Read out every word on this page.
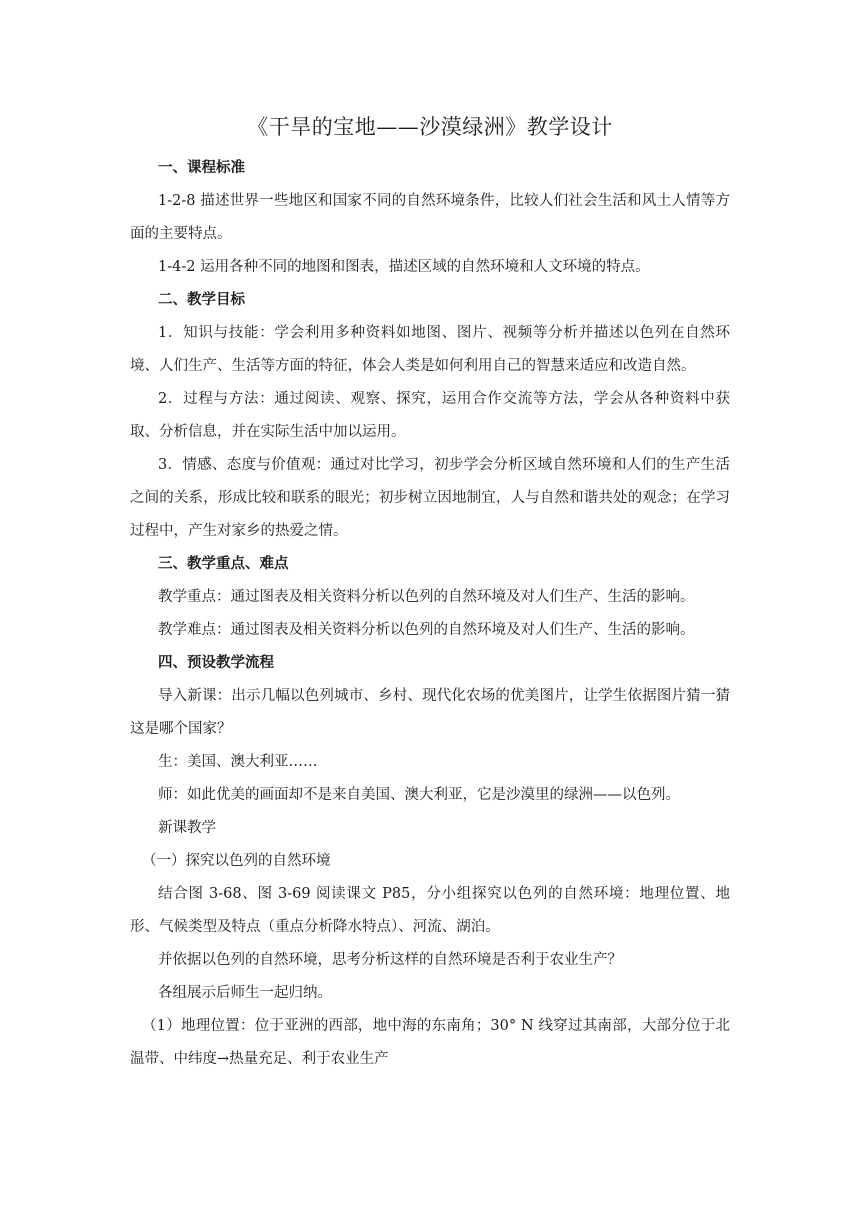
《干旱的宝地——沙漠绿洲》教学设计
一、课程标准
1-2-8 描述世界一些地区和国家不同的自然环境条件，比较人们社会生活和风土人情等方面的主要特点。
1-4-2 运用各种不同的地图和图表，描述区域的自然环境和人文环境的特点。
二、教学目标
1．知识与技能：学会利用多种资料如地图、图片、视频等分析并描述以色列在自然环境、人们生产、生活等方面的特征，体会人类是如何利用自己的智慧来适应和改造自然。
2．过程与方法：通过阅读、观察、探究，运用合作交流等方法，学会从各种资料中获取、分析信息，并在实际生活中加以运用。
3．情感、态度与价值观：通过对比学习，初步学会分析区域自然环境和人们的生产生活之间的关系，形成比较和联系的眼光；初步树立因地制宜，人与自然和谐共处的观念；在学习过程中，产生对家乡的热爱之情。
三、教学重点、难点
教学重点：通过图表及相关资料分析以色列的自然环境及对人们生产、生活的影响。
教学难点：通过图表及相关资料分析以色列的自然环境及对人们生产、生活的影响。
四、预设教学流程
导入新课：出示几幅以色列城市、乡村、现代化农场的优美图片，让学生依据图片猜一猜这是哪个国家？
生：美国、澳大利亚……
师：如此优美的画面却不是来自美国、澳大利亚，它是沙漠里的绿洲——以色列。
新课教学
（一）探究以色列的自然环境
结合图 3-68、图 3-69 阅读课文 P85，分小组探究以色列的自然环境：地理位置、地形、气候类型及特点（重点分析降水特点）、河流、湖泊。
并依据以色列的自然环境，思考分析这样的自然环境是否利于农业生产？
各组展示后师生一起归纳。
（1）地理位置：位于亚洲的西部，地中海的东南角；30° N 线穿过其南部，大部分位于北温带、中纬度→热量充足、利于农业生产
